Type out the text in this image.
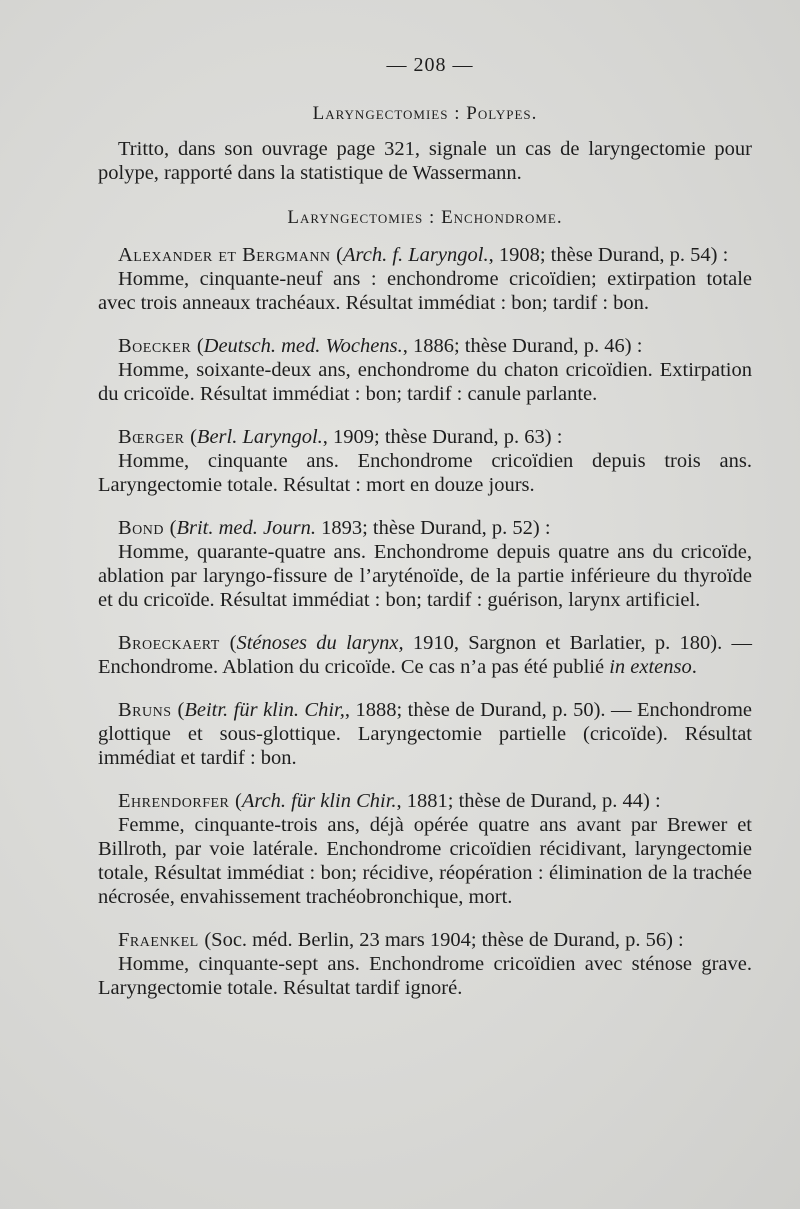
— 208 —
Laryngectomies : Polypes.
Tritto, dans son ouvrage page 321, signale un cas de laryngectomie pour polype, rapporté dans la statistique de Wassermann.
Laryngectomies : Enchondrome.
Alexander et Bergmann (Arch. f. Laryngol., 1908; thèse Durand, p. 54) :
Homme, cinquante-neuf ans : enchondrome cricoïdien; extirpation totale avec trois anneaux trachéaux. Résultat immédiat : bon; tardif : bon.
Boecker (Deutsch. med. Wochens., 1886; thèse Durand, p. 46) :
Homme, soixante-deux ans, enchondrome du chaton cricoïdien. Extirpation du cricoïde. Résultat immédiat : bon; tardif : canule parlante.
Bœrger (Berl. Laryngol., 1909; thèse Durand, p. 63) :
Homme, cinquante ans. Enchondrome cricoïdien depuis trois ans. Laryngectomie totale. Résultat : mort en douze jours.
Bond (Brit. med. Journ. 1893; thèse Durand, p. 52) :
Homme, quarante-quatre ans. Enchondrome depuis quatre ans du cricoïde, ablation par laryngo-fissure de l’aryténoïde, de la partie inférieure du thyroïde et du cricoïde. Résultat immédiat : bon; tardif : guérison, larynx artificiel.
Broeckaert (Sténoses du larynx, 1910, Sargnon et Barlatier, p. 180). — Enchondrome. Ablation du cricoïde. Ce cas n’a pas été publié in extenso.
Bruns (Beitr. für klin. Chir,, 1888; thèse de Durand, p. 50). — Enchondrome glottique et sous-glottique. Laryngectomie partielle (cricoïde). Résultat immédiat et tardif : bon.
Ehrendorfer (Arch. für klin Chir., 1881; thèse de Durand, p. 44) :
Femme, cinquante-trois ans, déjà opérée quatre ans avant par Brewer et Billroth, par voie latérale. Enchondrome cricoïdien récidivant, laryngectomie totale, Résultat immédiat : bon; récidive, réopération : élimination de la trachée nécrosée, envahissement trachéobronchique, mort.
Fraenkel (Soc. méd. Berlin, 23 mars 1904; thèse de Durand, p. 56) :
Homme, cinquante-sept ans. Enchondrome cricoïdien avec sténose grave. Laryngectomie totale. Résultat tardif ignoré.
